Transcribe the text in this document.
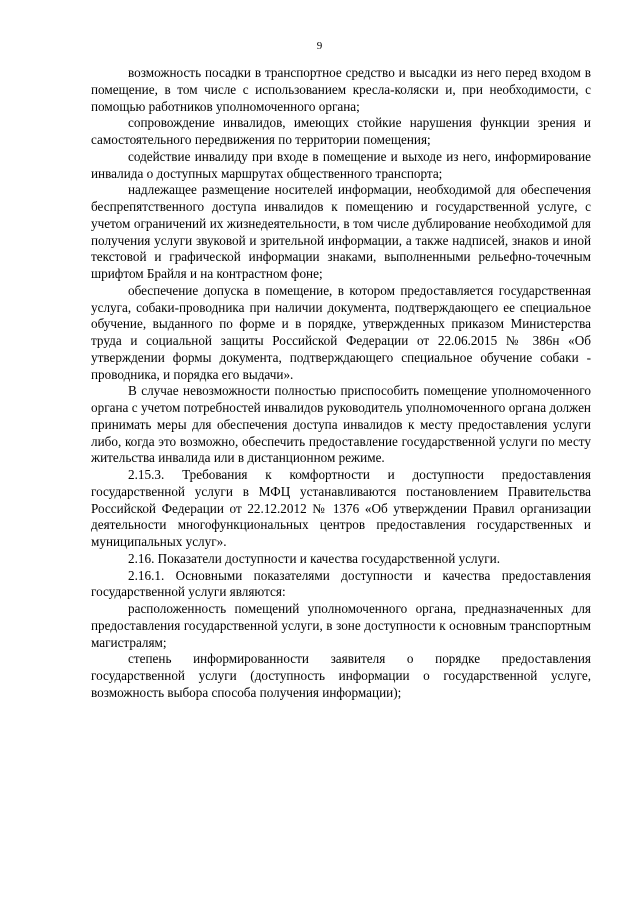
9

возможность посадки в транспортное средство и высадки из него перед входом в помещение, в том числе с использованием кресла-коляски и, при необходимости, с помощью работников уполномоченного органа;

сопровождение инвалидов, имеющих стойкие нарушения функции зрения и самостоятельного передвижения по территории помещения;

содействие инвалиду при входе в помещение и выходе из него, информирование инвалида о доступных маршрутах общественного транспорта;

надлежащее размещение носителей информации, необходимой для обеспечения беспрепятственного доступа инвалидов к помещению и государственной услуге, с учетом ограничений их жизнедеятельности, в том числе дублирование необходимой для получения услуги звуковой и зрительной информации, а также надписей, знаков и иной текстовой и графической информации знаками, выполненными рельефно-точечным шрифтом Брайля и на контрастном фоне;

обеспечение допуска в помещение, в котором предоставляется государственная услуга, собаки-проводника при наличии документа, подтверждающего ее специальное обучение, выданного по форме и в порядке, утвержденных приказом Министерства труда и социальной защиты Российской Федерации от 22.06.2015 № 386н «Об утверждении формы документа, подтверждающего специальное обучение собаки - проводника, и порядка его выдачи».

В случае невозможности полностью приспособить помещение уполномоченного органа с учетом потребностей инвалидов руководитель уполномоченного органа должен принимать меры для обеспечения доступа инвалидов к месту предоставления услуги либо, когда это возможно, обеспечить предоставление государственной услуги по месту жительства инвалида или в дистанционном режиме.

2.15.3. Требования к комфортности и доступности предоставления государственной услуги в МФЦ устанавливаются постановлением Правительства Российской Федерации от 22.12.2012 № 1376 «Об утверждении Правил организации деятельности многофункциональных центров предоставления государственных и муниципальных услуг».

2.16. Показатели доступности и качества государственной услуги.

2.16.1. Основными показателями доступности и качества предоставления государственной услуги являются:

расположенность помещений уполномоченного органа, предназначенных для предоставления государственной услуги, в зоне доступности к основным транспортным магистралям;

степень информированности заявителя о порядке предоставления государственной услуги (доступность информации о государственной услуге, возможность выбора способа получения информации);
